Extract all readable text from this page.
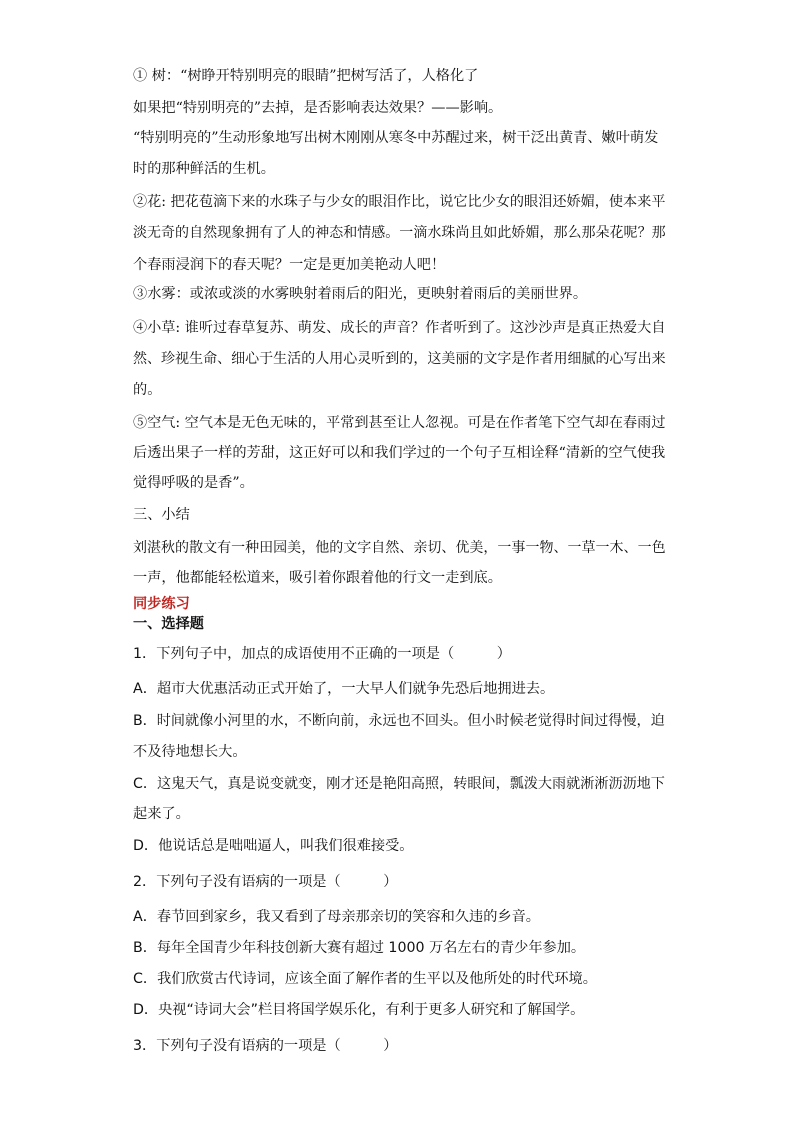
① 树：“树睁开特别明亮的眼睛”把树写活了，人格化了
如果把“特别明亮的”去掉，是否影响表达效果？——影响。
“特别明亮的”生动形象地写出树木刚刚从寒冬中苏醒过来，树干泛出黄青、嫩叶萌发
时的那种鲜活的生机。
②花: 把花苞滴下来的水珠子与少女的眼泪作比，说它比少女的眼泪还娇媚，使本来平
淡无奇的自然现象拥有了人的神态和情感。一滴水珠尚且如此娇媚，那么那朵花呢？那
个春雨浸润下的春天呢？一定是更加美艳动人吧！
③水雾：或浓或淡的水雾映射着雨后的阳光，更映射着雨后的美丽世界。
④小草: 谁听过春草复苏、萌发、成长的声音？作者听到了。这沙沙声是真正热爱大自
然、珍视生命、细心于生活的人用心灵听到的，这美丽的文字是作者用细腻的心写出来
的。
⑤空气: 空气本是无色无味的，平常到甚至让人忽视。可是在作者笔下空气却在春雨过
后透出果子一样的芳甜，这正好可以和我们学过的一个句子互相诠释“清新的空气使我
觉得呼吸的是香”。
三、小结
刘湛秋的散文有一种田园美，他的文字自然、亲切、优美，一事一物、一草一木、一色
一声，他都能轻松道来，吸引着你跟着他的行文一走到底。
同步练习
一、选择题
1．下列句子中，加点的成语使用不正确的一项是（　　　）
A．超市大优惠活动正式开始了，一大早人们就争先恐后地拥进去。
B．时间就像小河里的水，不断向前，永远也不回头。但小时候老觉得时间过得慢，迫
不及待地想长大。
C．这鬼天气，真是说变就变，刚才还是艳阳高照，转眼间，瓢泼大雨就淅淅沥沥地下
起来了。
D．他说话总是咄咄逼人，叫我们很难接受。
2．下列句子没有语病的一项是（　　　）
A．春节回到家乡，我又看到了母亲那亲切的笑容和久违的乡音。
B．每年全国青少年科技创新大赛有超过 1000 万名左右的青少年参加。
C．我们欣赏古代诗词，应该全面了解作者的生平以及他所处的时代环境。
D．央视“诗词大会”栏目将国学娱乐化，有利于更多人研究和了解国学。
3．下列句子没有语病的一项是（　　　）
